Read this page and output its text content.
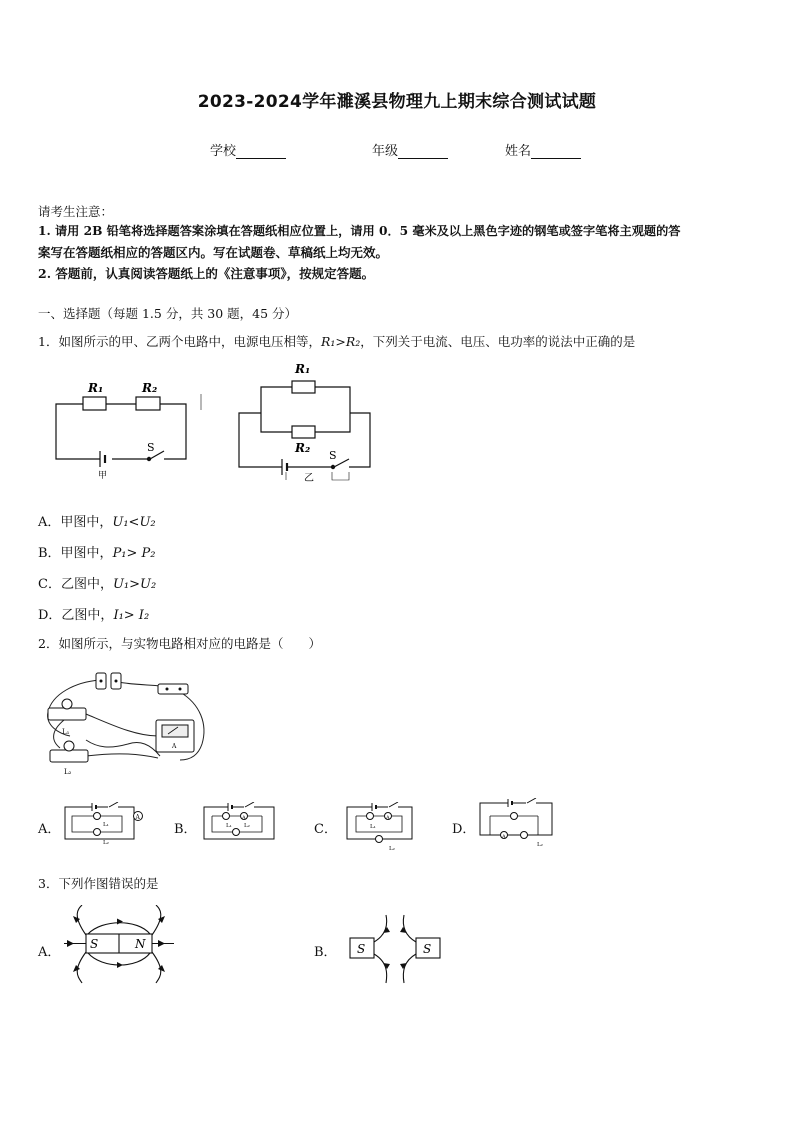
2023-2024学年濉溪县物理九上期末综合测试试题
学校	年级	姓名
请考生注意：
1. 请用 2B 铅笔将选择题答案涂填在答题纸相应位置上，请用 0．5 毫米及以上黑色字迹的钢笔或签字笔将主观题的答
案写在答题纸相应的答题区内。写在试题卷、草稿纸上均无效。
2. 答题前，认真阅读答题纸上的《注意事项》，按规定答题。
一、选择题（每题 1.5 分，共 30 题，45 分）
1．如图所示的甲、乙两个电路中，电源电压相等，R₁>R₂，下列关于电流、电压、电功率的说法中正确的是
R₁	R₂
S
甲
R₁
R₂
S
乙
A．甲图中，U₁<U₂
B．甲图中，P₁> P₂
C．乙图中，U₁>U₂
D．乙图中，I₁> I₂
2．如图所示，与实物电路相对应的电路是（　　）
L₁
L₂
A
A．
A
L₁
L₂
B．
A
L₁ L₂	C．
A
L₁
L₂
D．	A
L₂
3．下列作图错误的是
A．
S	N
B． S	S
